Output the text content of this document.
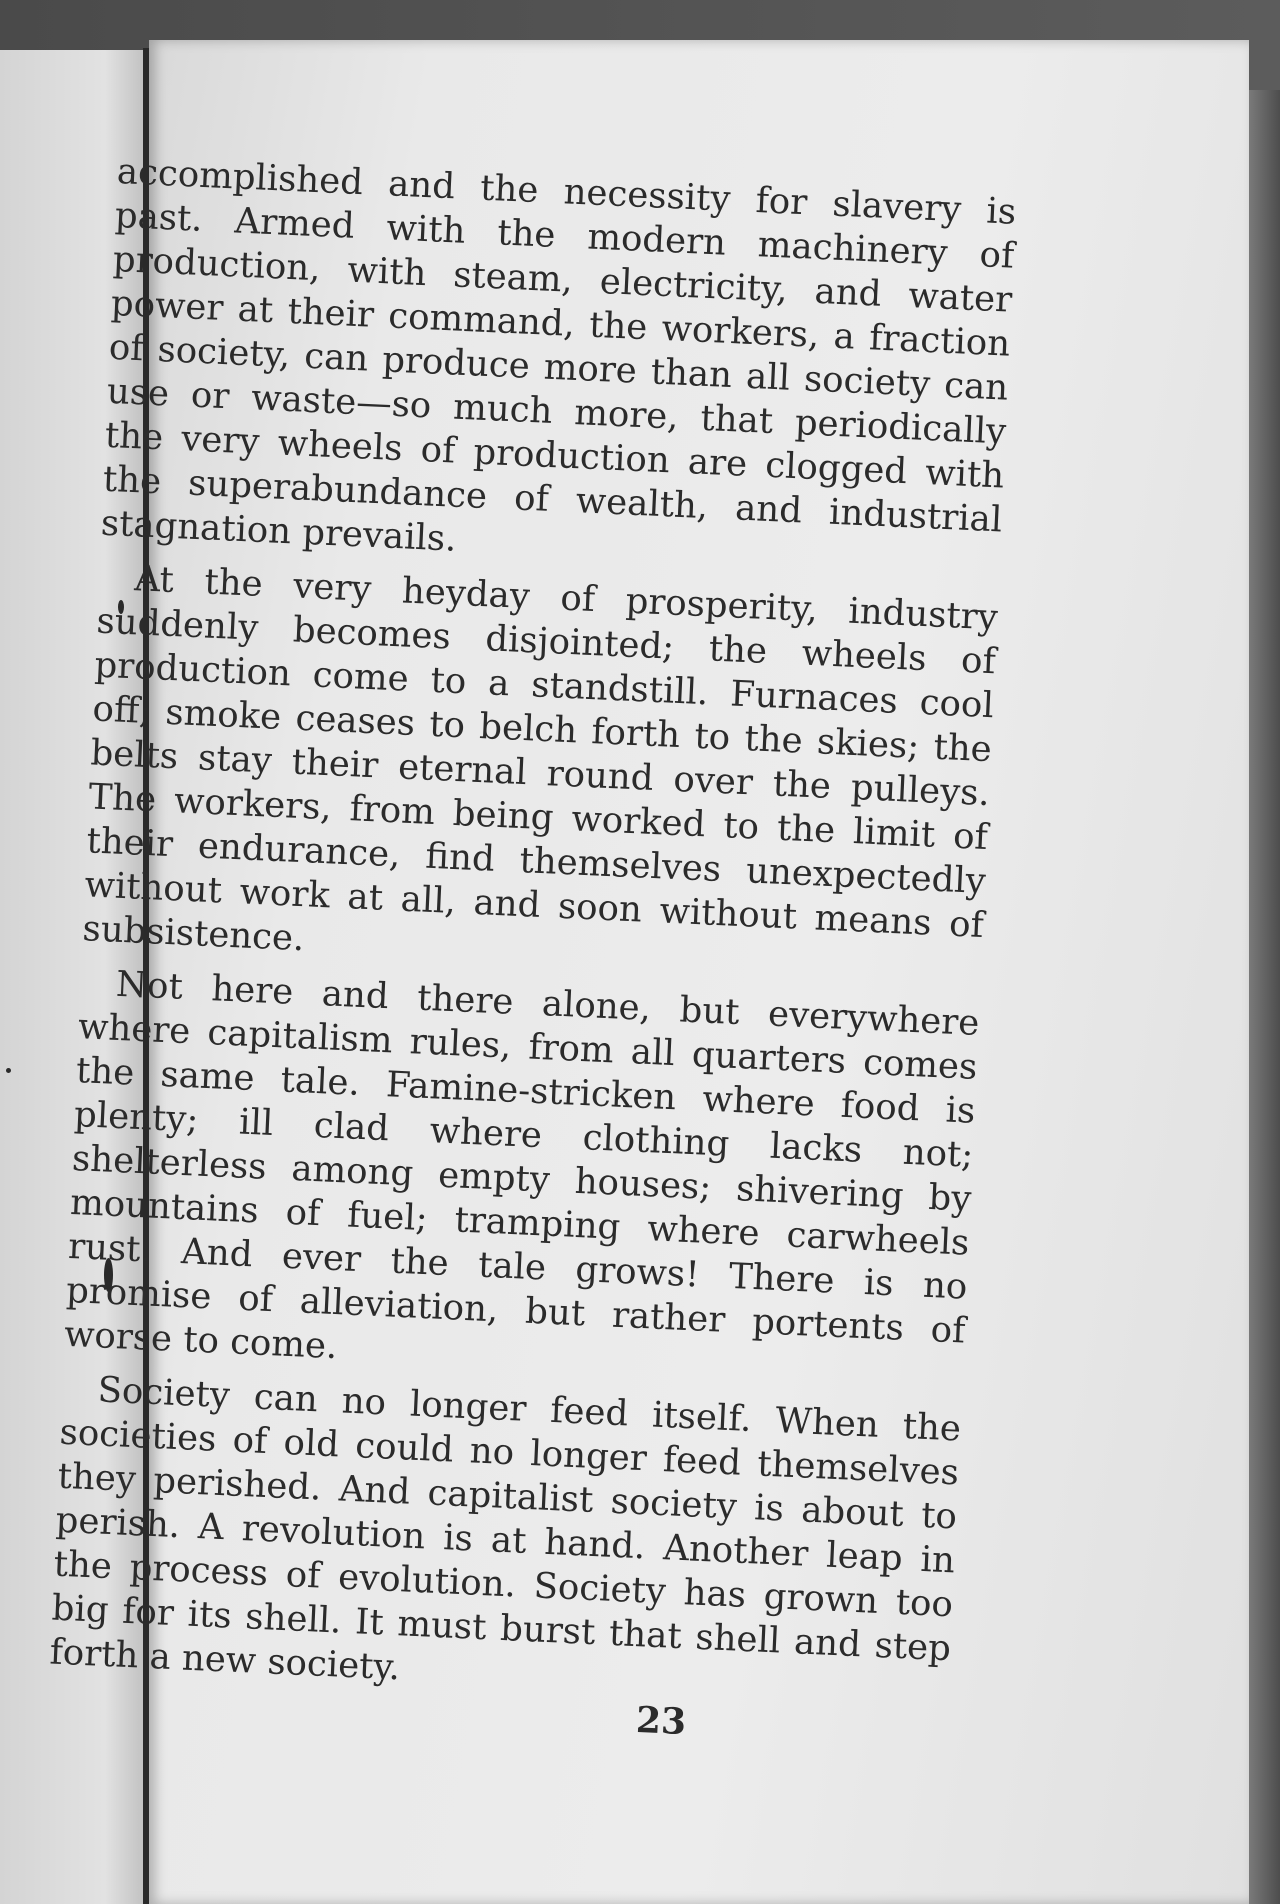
accomplished and the necessity for slavery is past. Armed with the modern machinery of production, with steam, electricity, and water power at their command, the workers, a fraction of society, can produce more than all society can use or waste—so much more, that periodically the very wheels of production are clogged with the superabundance of wealth, and industrial stagnation prevails.

At the very heyday of prosperity, industry suddenly becomes disjointed; the wheels of production come to a standstill. Furnaces cool off; smoke ceases to belch forth to the skies; the belts stay their eternal round over the pulleys. The workers, from being worked to the limit of their endurance, find themselves unexpectedly without work at all, and soon without means of subsistence.

Not here and there alone, but everywhere where capitalism rules, from all quarters comes the same tale. Famine-stricken where food is plenty; ill clad where clothing lacks not; shelterless among empty houses; shivering by mountains of fuel; tramping where carwheels rust. And ever the tale grows! There is no promise of alleviation, but rather portents of worse to come.

Society can no longer feed itself. When the societies of old could no longer feed themselves they perished. And capitalist society is about to perish. A revolution is at hand. Another leap in the process of evolution. Society has grown too big for its shell. It must burst that shell and step forth a new society.

23
